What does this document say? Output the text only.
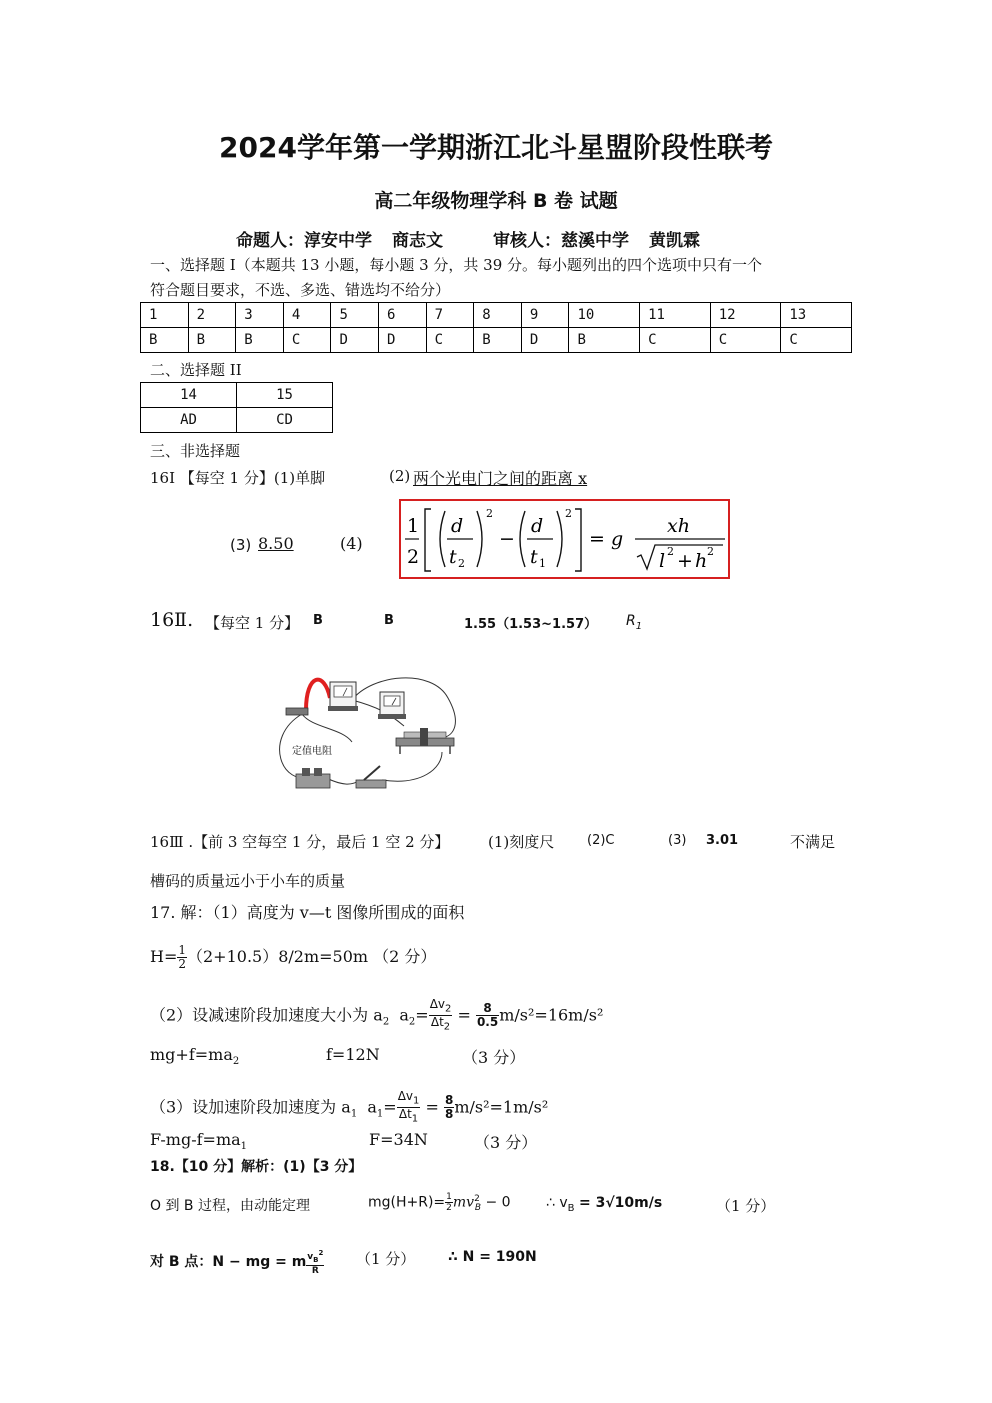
2024学年第一学期浙江北斗星盟阶段性联考
高二年级物理学科 B 卷 试题
命题人：淳安中学 商志文	审核人：慈溪中学 黄凯霖
一、选择题 I（本题共 13 小题，每小题 3 分，共 39 分。每小题列出的四个选项中只有一个
符合题目要求，不选、多选、错选均不给分）
1	2	3	4	5	6	7	8	9	10	11	12	13
B	B	B	C	D	D	C	B	D	B	C	C	C
二、选择题 II
14	15
AD	CD
三、非选择题
16I 【每空 1 分】(1)单脚	(2) 两个光电门之间的距离 x
(3) 8.50	(4)
1
2
d
t 2
2
−
d
t 1
2
= g
xh
l 2 + h 2
16Ⅱ. 【每空 1 分】 B	B	1.55（1.53~1.57） $R_1$
定值电阻
16Ⅲ .【前 3 空每空 1 分，最后 1 空 2 分】	(1)刻度尺	(2)C	(3) 3.01	不满足
槽码的质量远小于小车的质量
17. 解：（1）高度为 v—t 图像所围成的面积
$H= \frac{1}{2} (2+10.5)8/2m=50m$ （2 分）
（2）设减速阶段加速度大小为 $a_2$  $a_2= \frac{\Delta v_2}{\Delta t_2} = \frac{8}{0.5} m/s^2=16m/s^2$
$mg+f=ma_2$	f=12N	（3 分）
（3）设加速阶段加速度为 $a_1$  $a_1= \frac{\Delta v_1}{\Delta t_1} = \frac{8}{8} m/s^2=1m/s^2$
$F-mg-f=ma_1$	F=34N	（3 分）
18.【10 分】解析：(1)【3 分】
O 到 B 过程，由动能定理	$mg(H+R)= \frac{1}{2} mv^2_B - 0$	∴ $v_B = 3√10m/s$	（1 分）
对 B 点：N − mg = m $\frac{v_B^2}{R} (1$ 分） ∴ N = 190N
